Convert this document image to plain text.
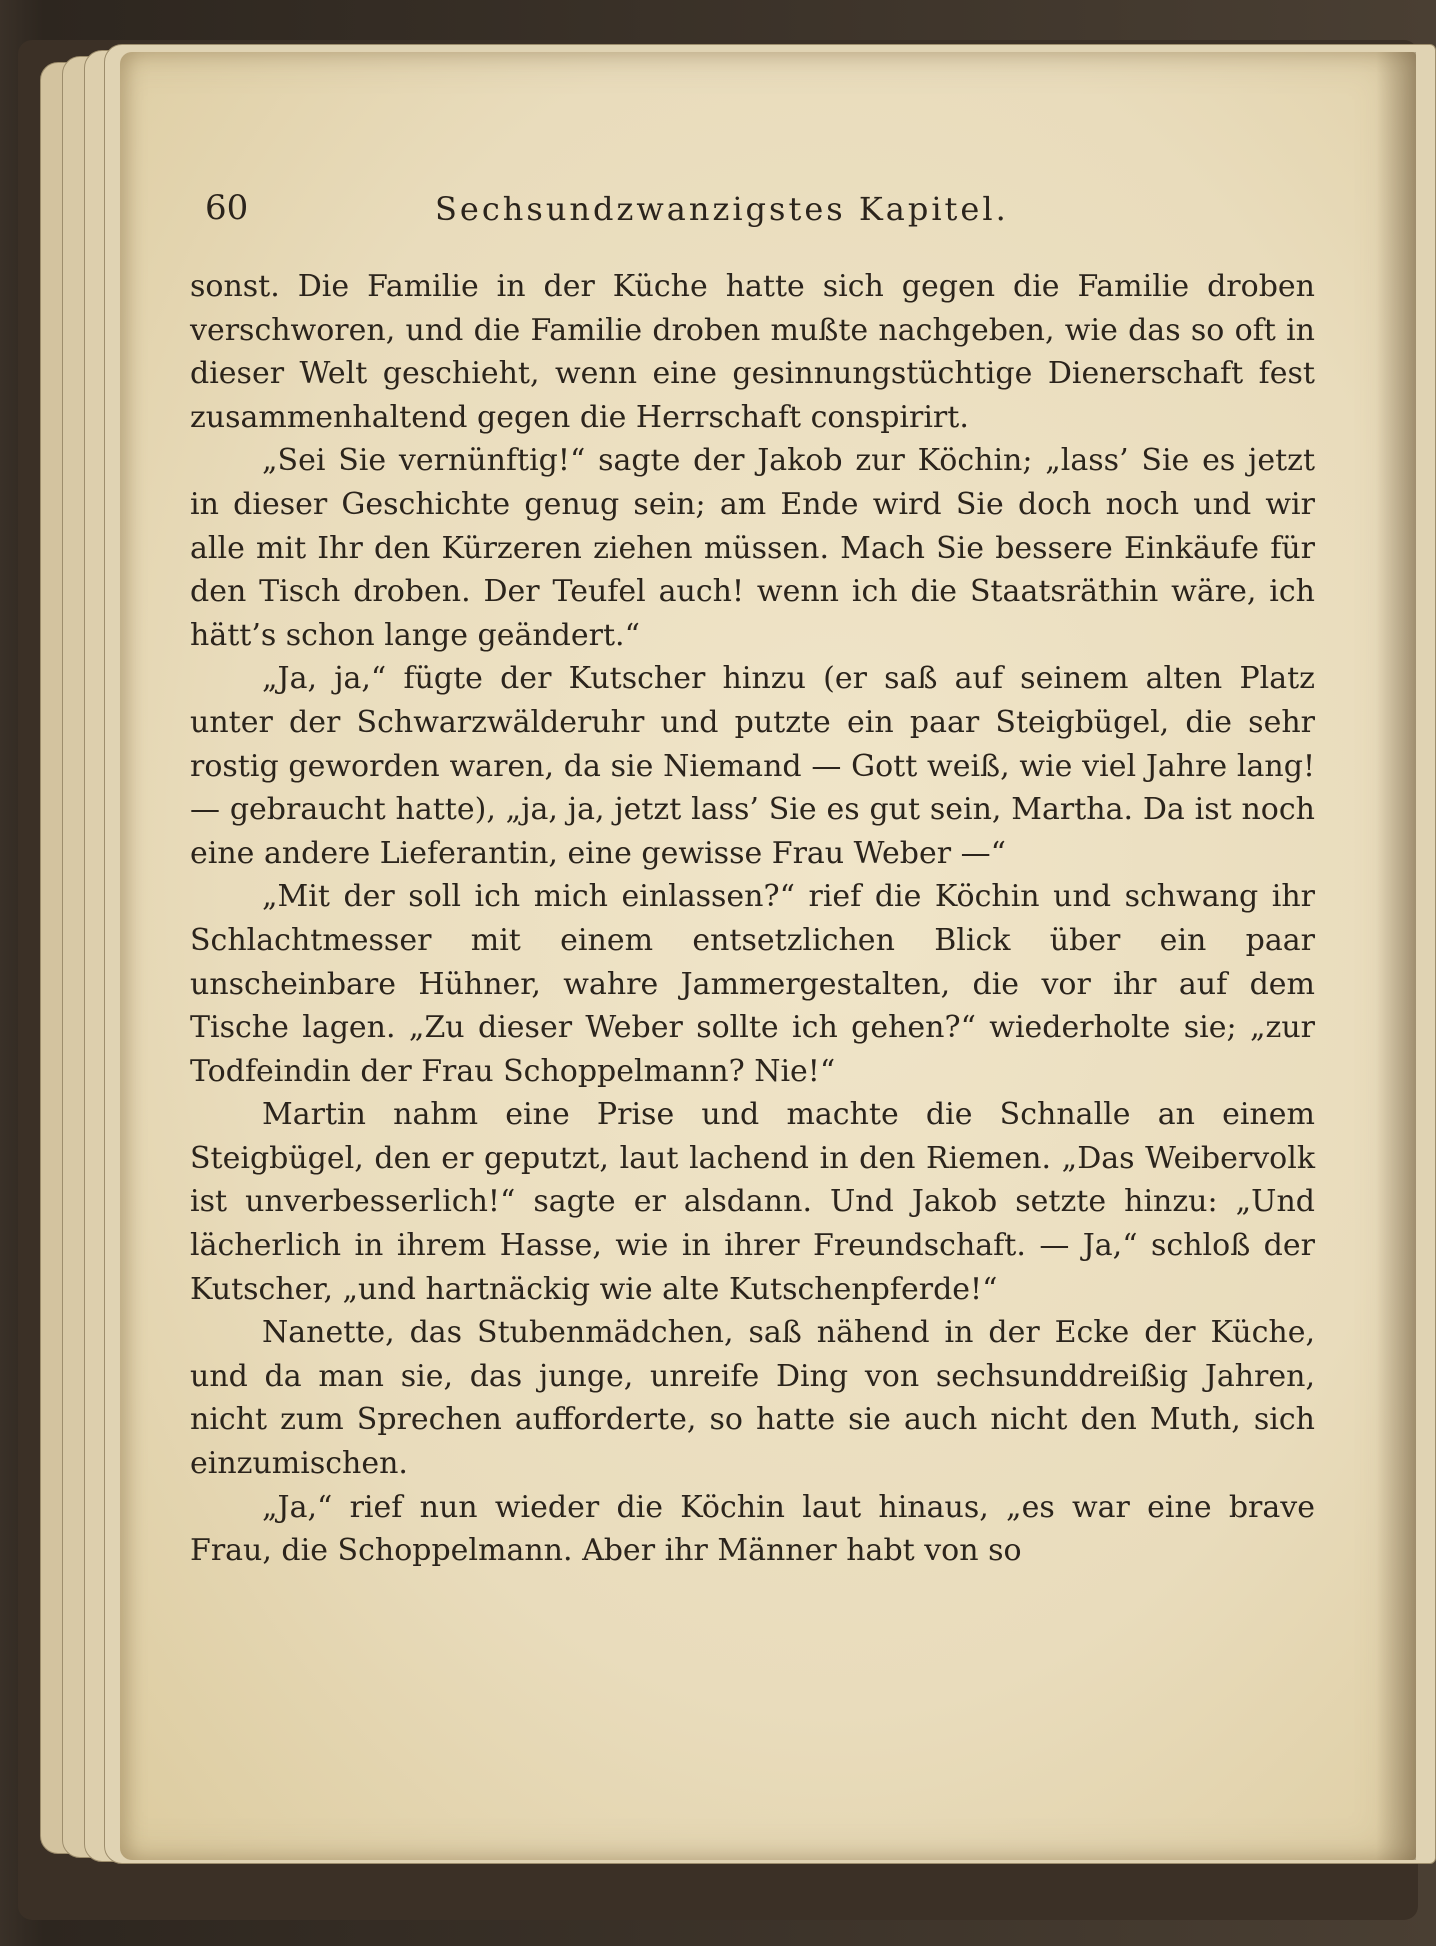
60	Sechsundzwanzigstes Kapitel.

sonst. Die Familie in der Küche hatte sich gegen die Familie droben verschworen, und die Familie droben mußte nachgeben, wie das so oft in dieser Welt geschieht, wenn eine gesinnungstüchtige Dienerschaft fest zusammenhaltend gegen die Herrschaft conspirirt.

„Sei Sie vernünftig!“ sagte der Jakob zur Köchin; „lass’ Sie es jetzt in dieser Geschichte genug sein; am Ende wird Sie doch noch und wir alle mit Ihr den Kürzeren ziehen müssen. Mach Sie bessere Einkäufe für den Tisch droben. Der Teufel auch! wenn ich die Staatsräthin wäre, ich hätt’s schon lange geändert.“

„Ja, ja,“ fügte der Kutscher hinzu (er saß auf seinem alten Platz unter der Schwarzwälderuhr und putzte ein paar Steigbügel, die sehr rostig geworden waren, da sie Niemand — Gott weiß, wie viel Jahre lang! — gebraucht hatte), „ja, ja, jetzt lass’ Sie es gut sein, Martha. Da ist noch eine andere Lieferantin, eine gewisse Frau Weber —“

„Mit der soll ich mich einlassen?“ rief die Köchin und schwang ihr Schlachtmesser mit einem entsetzlichen Blick über ein paar unscheinbare Hühner, wahre Jammergestalten, die vor ihr auf dem Tische lagen. „Zu dieser Weber sollte ich gehen?“ wiederholte sie; „zur Todfeindin der Frau Schoppelmann? Nie!“

Martin nahm eine Prise und machte die Schnalle an einem Steigbügel, den er geputzt, laut lachend in den Riemen. „Das Weibervolk ist unverbesserlich!“ sagte er alsdann. Und Jakob setzte hinzu: „Und lächerlich in ihrem Hasse, wie in ihrer Freundschaft. — Ja,“ schloß der Kutscher, „und hartnäckig wie alte Kutschenpferde!“

Nanette, das Stubenmädchen, saß nähend in der Ecke der Küche, und da man sie, das junge, unreife Ding von sechsunddreißig Jahren, nicht zum Sprechen aufforderte, so hatte sie auch nicht den Muth, sich einzumischen.

„Ja,“ rief nun wieder die Köchin laut hinaus, „es war eine brave Frau, die Schoppelmann. Aber ihr Männer habt von so
